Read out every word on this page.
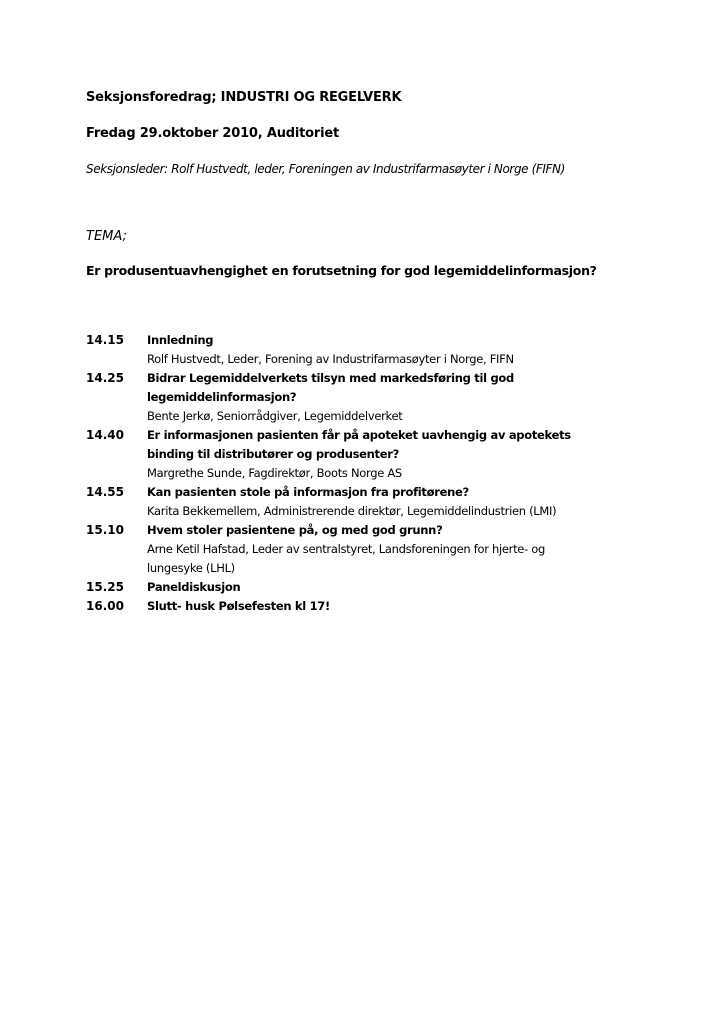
Seksjonsforedrag; INDUSTRI OG REGELVERK
Fredag 29.oktober 2010, Auditoriet
Seksjonsleder: Rolf Hustvedt, leder, Foreningen av Industrifarmasøyter i Norge (FIFN)
TEMA;
Er produsentuavhengighet en forutsetning for god legemiddelinformasjon?
14.15	Innledning
Rolf Hustvedt, Leder, Forening av Industrifarmasøyter i Norge, FIFN
14.25	Bidrar Legemiddelverkets tilsyn med markedsføring til god
legemiddelinformasjon?
Bente Jerkø, Seniorrådgiver, Legemiddelverket
14.40	Er informasjonen pasienten får på apoteket uavhengig av apotekets
binding til distributører og produsenter?
Margrethe Sunde, Fagdirektør, Boots Norge AS
14.55	Kan pasienten stole på informasjon fra profitørene?
Karita Bekkemellem, Administrerende direktør, Legemiddelindustrien (LMI)
15.10	Hvem stoler pasientene på, og med god grunn?
Arne Ketil Hafstad, Leder av sentralstyret, Landsforeningen for hjerte- og
lungesyke (LHL)
15.25	Paneldiskusjon
16.00	Slutt- husk Pølsefesten kl 17!
